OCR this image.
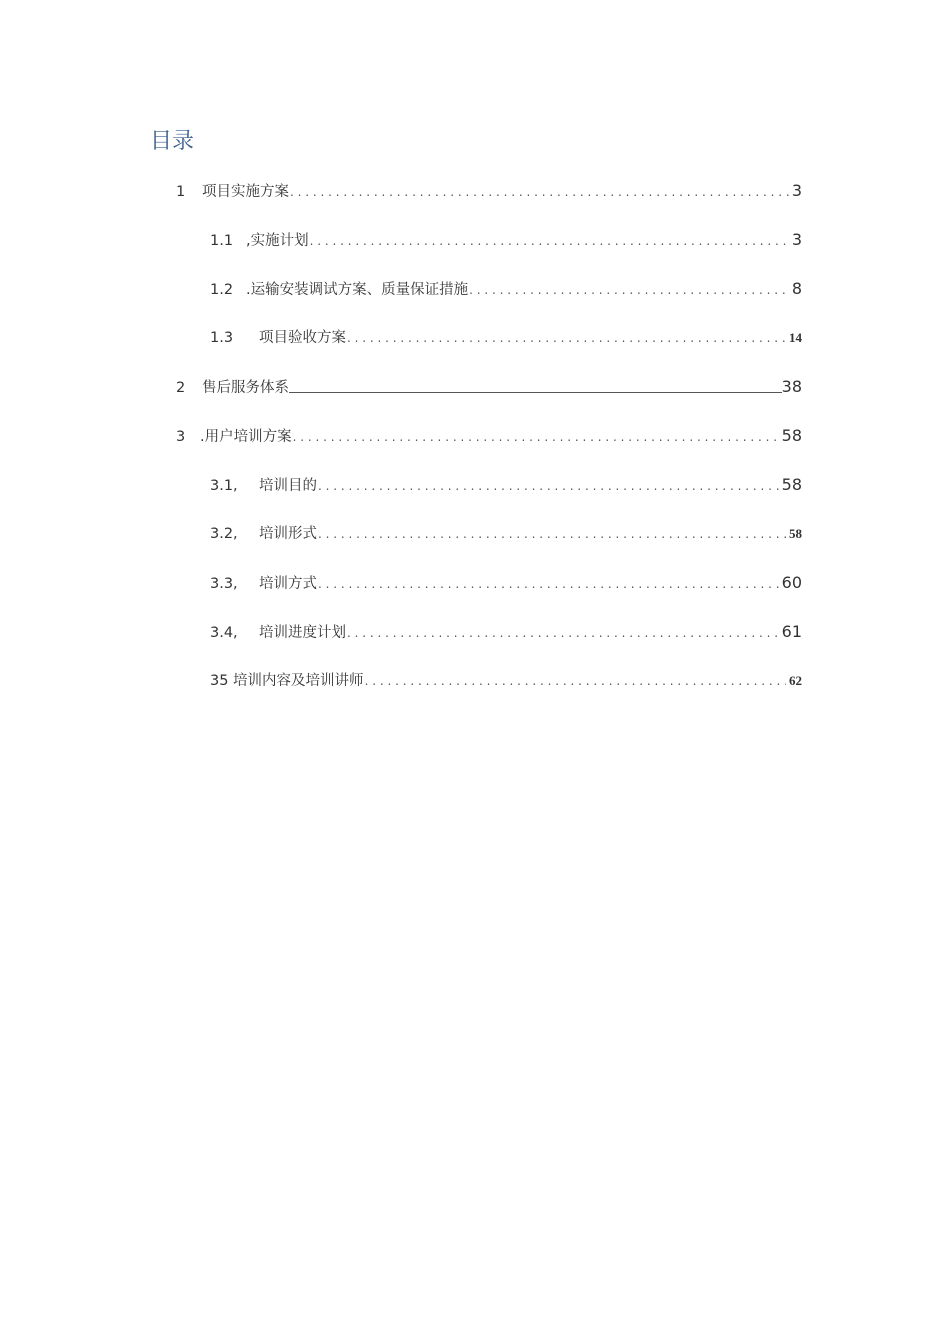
目录
1	项目实施方案 . . .	3
1.1 ,实施计划 . . .	3
1.2 .运输安装调试方案、质量保证措施 . . .	8
1.3	项目验收方案 . . .	14
2	售后服务体系	38
3	.用户培训方案 . . .	58
3.1,	培训目的 . . .	58
3.2,	培训形式 . . .	58
3.3,	培训方式 . . .	60
3.4,	培训进度计划 . . .	61
35 培训内容及培训讲师 . . .	62
